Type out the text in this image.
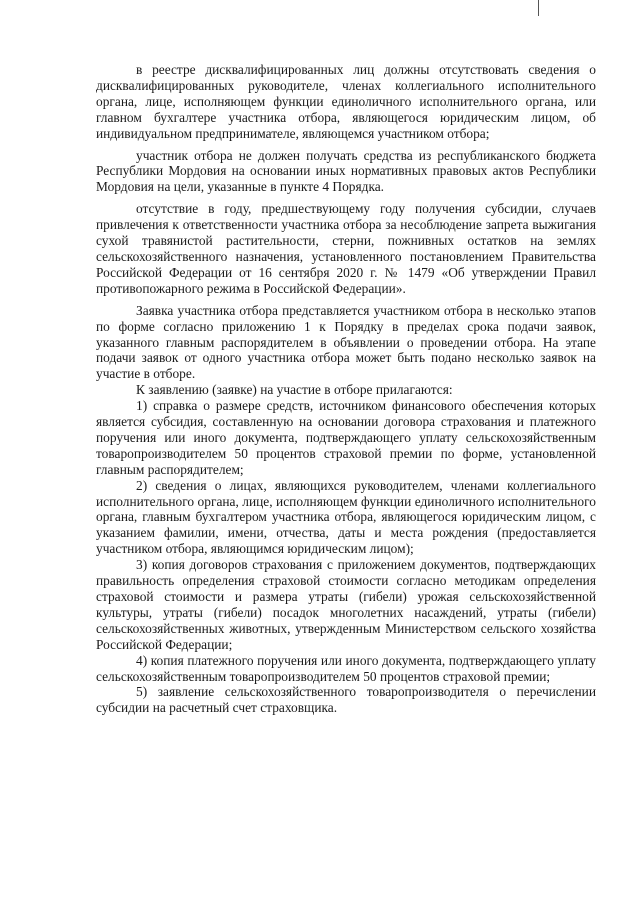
в реестре дисквалифицированных лиц должны отсутствовать сведения о дисквалифицированных руководителе, членах коллегиального исполнительного органа, лице, исполняющем функции единоличного исполнительного органа, или главном бухгалтере участника отбора, являющегося юридическим лицом, об индивидуальном предпринимателе, являющемся участником отбора;

участник отбора не должен получать средства из республиканского бюджета Республики Мордовия на основании иных нормативных правовых актов Республики Мордовия на цели, указанные в пункте 4 Порядка.

отсутствие в году, предшествующему году получения субсидии, случаев привлечения к ответственности участника отбора за несоблюдение запрета выжигания сухой травянистой растительности, стерни, пожнивных остатков на землях сельскохозяйственного назначения, установленного постановлением Правительства Российской Федерации от 16 сентября 2020 г. № 1479 «Об утверждении Правил противопожарного режима в Российской Федерации».

Заявка участника отбора представляется участником отбора в несколько этапов по форме согласно приложению 1 к Порядку в пределах срока подачи заявок, указанного главным распорядителем в объявлении о проведении отбора. На этапе подачи заявок от одного участника отбора может быть подано несколько заявок на участие в отборе.

К заявлению (заявке) на участие в отборе прилагаются:

1) справка о размере средств, источником финансового обеспечения которых является субсидия, составленную на основании договора страхования и платежного поручения или иного документа, подтверждающего уплату сельскохозяйственным товаропроизводителем 50 процентов страховой премии по форме, установленной главным распорядителем;

2) сведения о лицах, являющихся руководителем, членами коллегиального исполнительного органа, лице, исполняющем функции единоличного исполнительного органа, главным бухгалтером участника отбора, являющегося юридическим лицом, с указанием фамилии, имени, отчества, даты и места рождения (предоставляется участником отбора, являющимся юридическим лицом);

3) копия договоров страхования с приложением документов, подтверждающих правильность определения страховой стоимости согласно методикам определения страховой стоимости и размера утраты (гибели) урожая сельскохозяйственной культуры, утраты (гибели) посадок многолетних насаждений, утраты (гибели) сельскохозяйственных животных, утвержденным Министерством сельского хозяйства Российской Федерации;

4) копия платежного поручения или иного документа, подтверждающего уплату сельскохозяйственным товаропроизводителем 50 процентов страховой премии;

5) заявление сельскохозяйственного товаропроизводителя о перечислении субсидии на расчетный счет страховщика.
